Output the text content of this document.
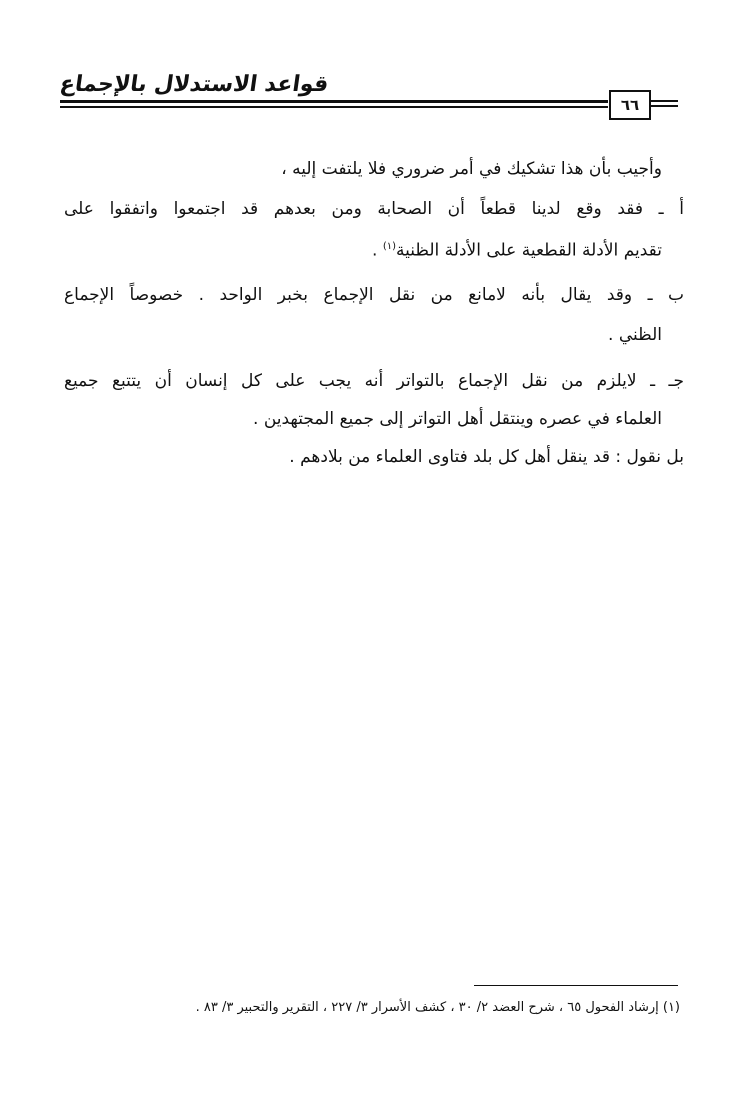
قواعد الاستدلال بالإجماع
٦٦
وأجيب بأن هذا تشكيك في أمر ضروري فلا يلتفت إليه ،
أ ـ فقد وقع لدينا قطعاً أن الصحابة ومن بعدهم قد اجتمعوا واتفقوا على
تقديم الأدلة القطعية على الأدلة الظنية$^{(١)}$ .
ب ـ وقد يقال بأنه لامانع من نقل الإجماع بخبر الواحد . خصوصاً الإجماع
الظني .
جـ ـ لايلزم من نقل الإجماع بالتواتر أنه يجب على كل إنسان أن يتتبع جميع
العلماء في عصره وينتقل أهل التواتر إلى جميع المجتهدين .
بل نقول : قد ينقل أهل كل بلد فتاوى العلماء من بلادهم .
(١) إرشاد الفحول ٦٥ ، شرح العضد ٢/ ٣٠ ، كشف الأسرار ٣/ ٢٢٧ ، التقرير والتحبير ٣/ ٨٣ .
